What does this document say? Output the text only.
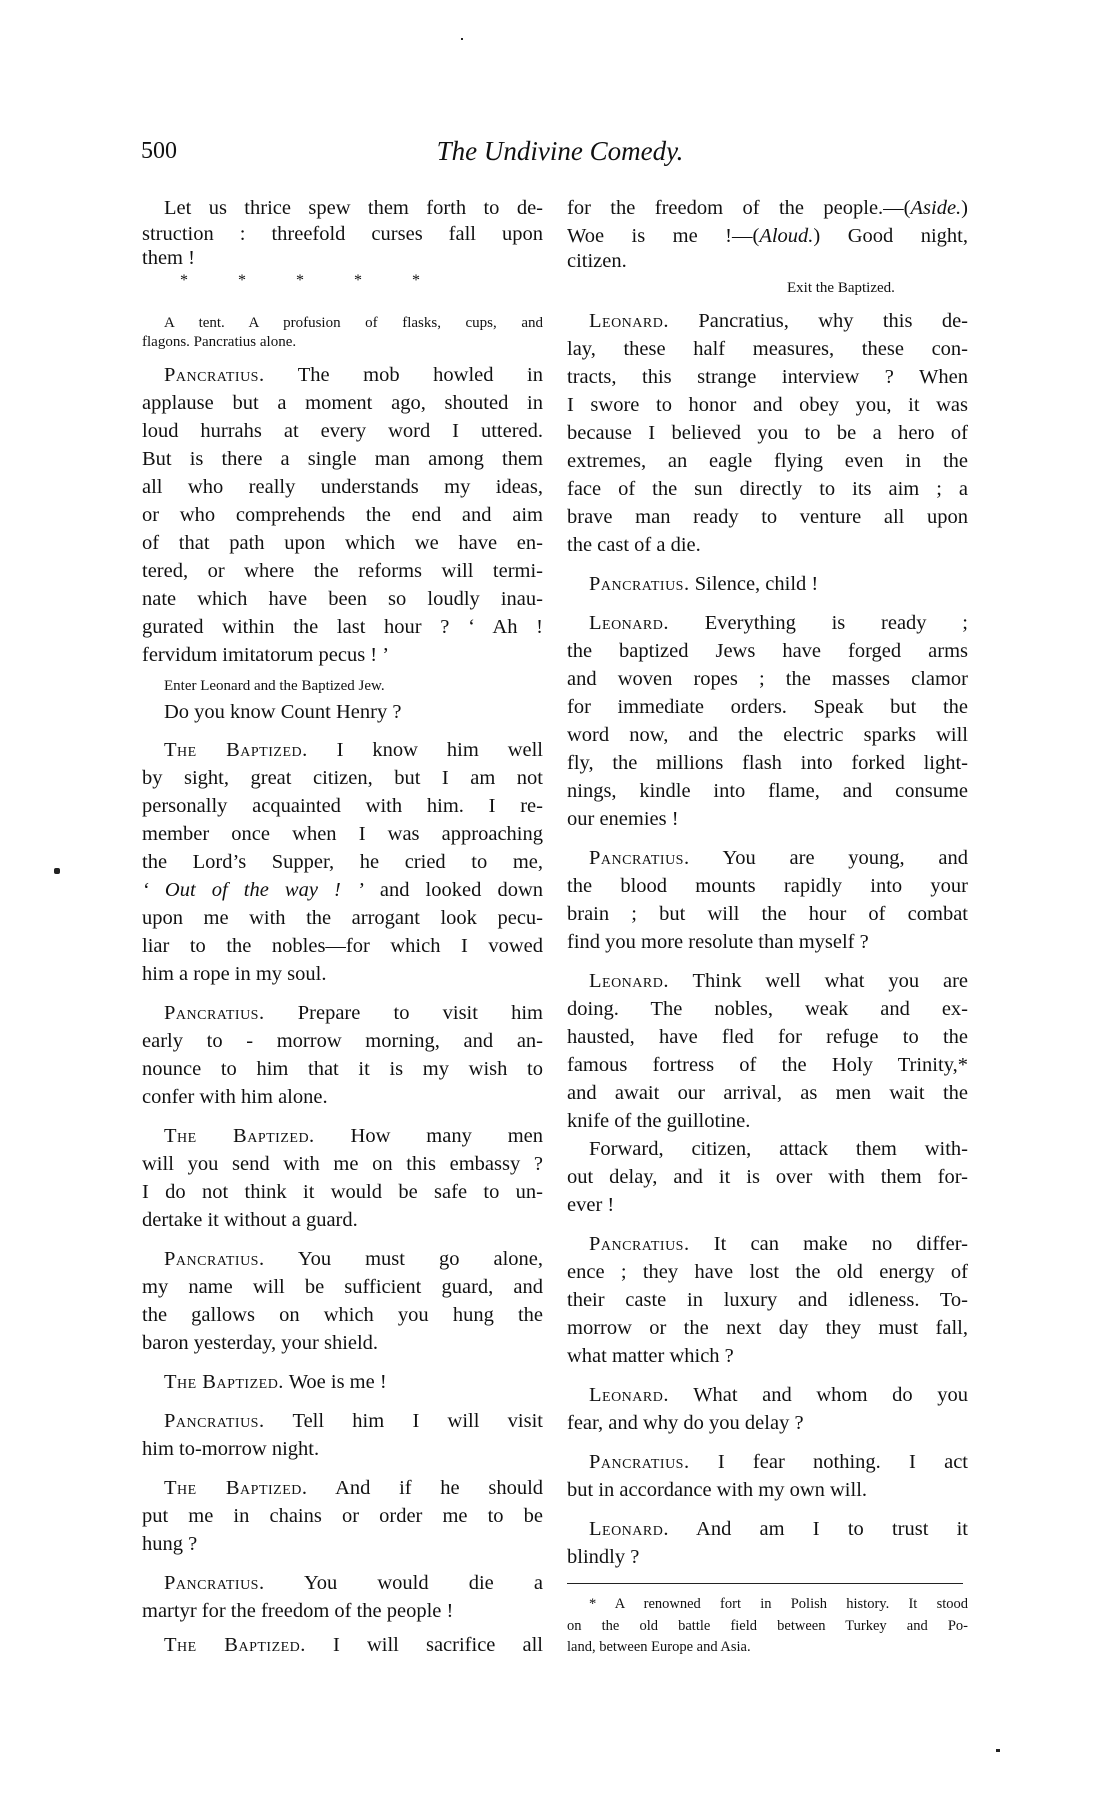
500	The Undivine Comedy.
Let us thrice spew them forth to de-
struction : threefold curses fall upon
them !
* * * * *
A tent. A profusion of flasks, cups, and
flagons. Pancratius alone.
Pancratius. The mob howled in
applause but a moment ago, shouted in
loud hurrahs at every word I uttered.
But is there a single man among them
all who really understands my ideas,
or who comprehends the end and aim
of that path upon which we have en-
tered, or where the reforms will termi-
nate which have been so loudly inau-
gurated within the last hour ? ‘ Ah !
fervidum imitatorum pecus ! ’
Enter Leonard and the Baptized Jew.
Do you know Count Henry ?
The Baptized. I know him well
by sight, great citizen, but I am not
personally acquainted with him. I re-
member once when I was approaching
the Lord’s Supper, he cried to me,
‘ Out of the way ! ’ and looked down
upon me with the arrogant look pecu-
liar to the nobles—for which I vowed
him a rope in my soul.
Pancratius. Prepare to visit him
early to - morrow morning, and an-
nounce to him that it is my wish to
confer with him alone.
The Baptized. How many men
will you send with me on this embassy ?
I do not think it would be safe to un-
dertake it without a guard.
Pancratius. You must go alone,
my name will be sufficient guard, and
the gallows on which you hung the
baron yesterday, your shield.
The Baptized. Woe is me !
Pancratius. Tell him I will visit
him to-morrow night.
The Baptized. And if he should
put me in chains or order me to be
hung ?
Pancratius. You would die a
martyr for the freedom of the people !
The Baptized. I will sacrifice all
for the freedom of the people.—(Aside.)
Woe is me !—(Aloud.) Good night,
citizen.
Exit the Baptized.
Leonard. Pancratius, why this de-
lay, these half measures, these con-
tracts, this strange interview ? When
I swore to honor and obey you, it was
because I believed you to be a hero of
extremes, an eagle flying even in the
face of the sun directly to its aim ; a
brave man ready to venture all upon
the cast of a die.
Pancratius. Silence, child !
Leonard. Everything is ready ;
the baptized Jews have forged arms
and woven ropes ; the masses clamor
for immediate orders. Speak but the
word now, and the electric sparks will
fly, the millions flash into forked light-
nings, kindle into flame, and consume
our enemies !
Pancratius. You are young, and
the blood mounts rapidly into your
brain ; but will the hour of combat
find you more resolute than myself ?
Leonard. Think well what you are
doing. The nobles, weak and ex-
hausted, have fled for refuge to the
famous fortress of the Holy Trinity,*
and await our arrival, as men wait the
knife of the guillotine.
Forward, citizen, attack them with-
out delay, and it is over with them for-
ever !
Pancratius. It can make no differ-
ence ; they have lost the old energy of
their caste in luxury and idleness. To-
morrow or the next day they must fall,
what matter which ?
Leonard. What and whom do you
fear, and why do you delay ?
Pancratius. I fear nothing. I act
but in accordance with my own will.
Leonard. And am I to trust it
blindly ?
* A renowned fort in Polish history. It stood
on the old battle field between Turkey and Po-
land, between Europe and Asia.
